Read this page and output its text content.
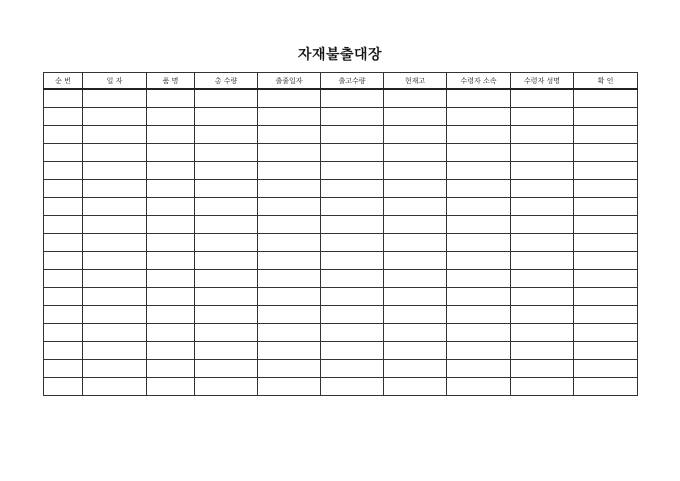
자재불출대장
순 번	일 자	품 명	총 수량	출줄일자	출고수량	현재고	수령자 소속	수령자 성명	확 인
